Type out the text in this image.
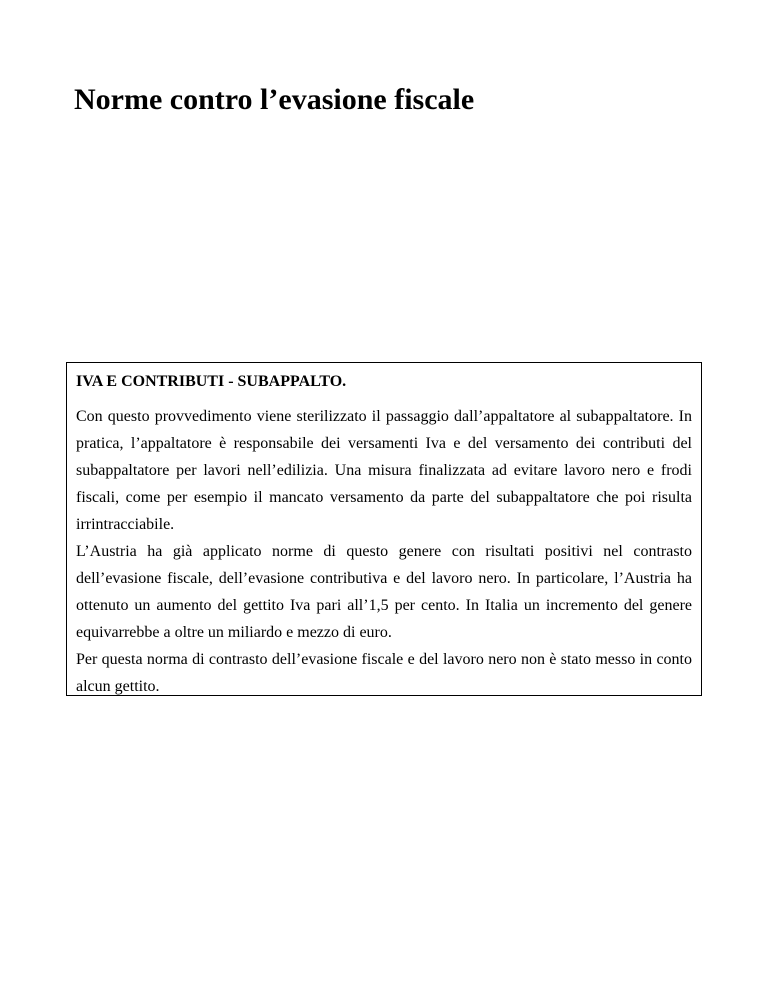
Norme contro l’evasione fiscale

IVA E CONTRIBUTI - SUBAPPALTO.

Con questo provvedimento viene sterilizzato il passaggio dall’appaltatore al subappaltatore. In pratica, l’appaltatore è responsabile dei versamenti Iva e del versamento dei contributi del subappaltatore per lavori nell’edilizia. Una misura finalizzata ad evitare lavoro nero e frodi fiscali, come per esempio il mancato versamento da parte del subappaltatore che poi risulta irrintracciabile.

L’Austria ha già applicato norme di questo genere con risultati positivi nel contrasto dell’evasione fiscale, dell’evasione contributiva e del lavoro nero. In particolare, l’Austria ha ottenuto un aumento del gettito Iva pari all’1,5 per cento. In Italia un incremento del genere equivarrebbe a oltre un miliardo e mezzo di euro.

Per questa norma di contrasto dell’evasione fiscale e del lavoro nero non è stato messo in conto alcun gettito.
